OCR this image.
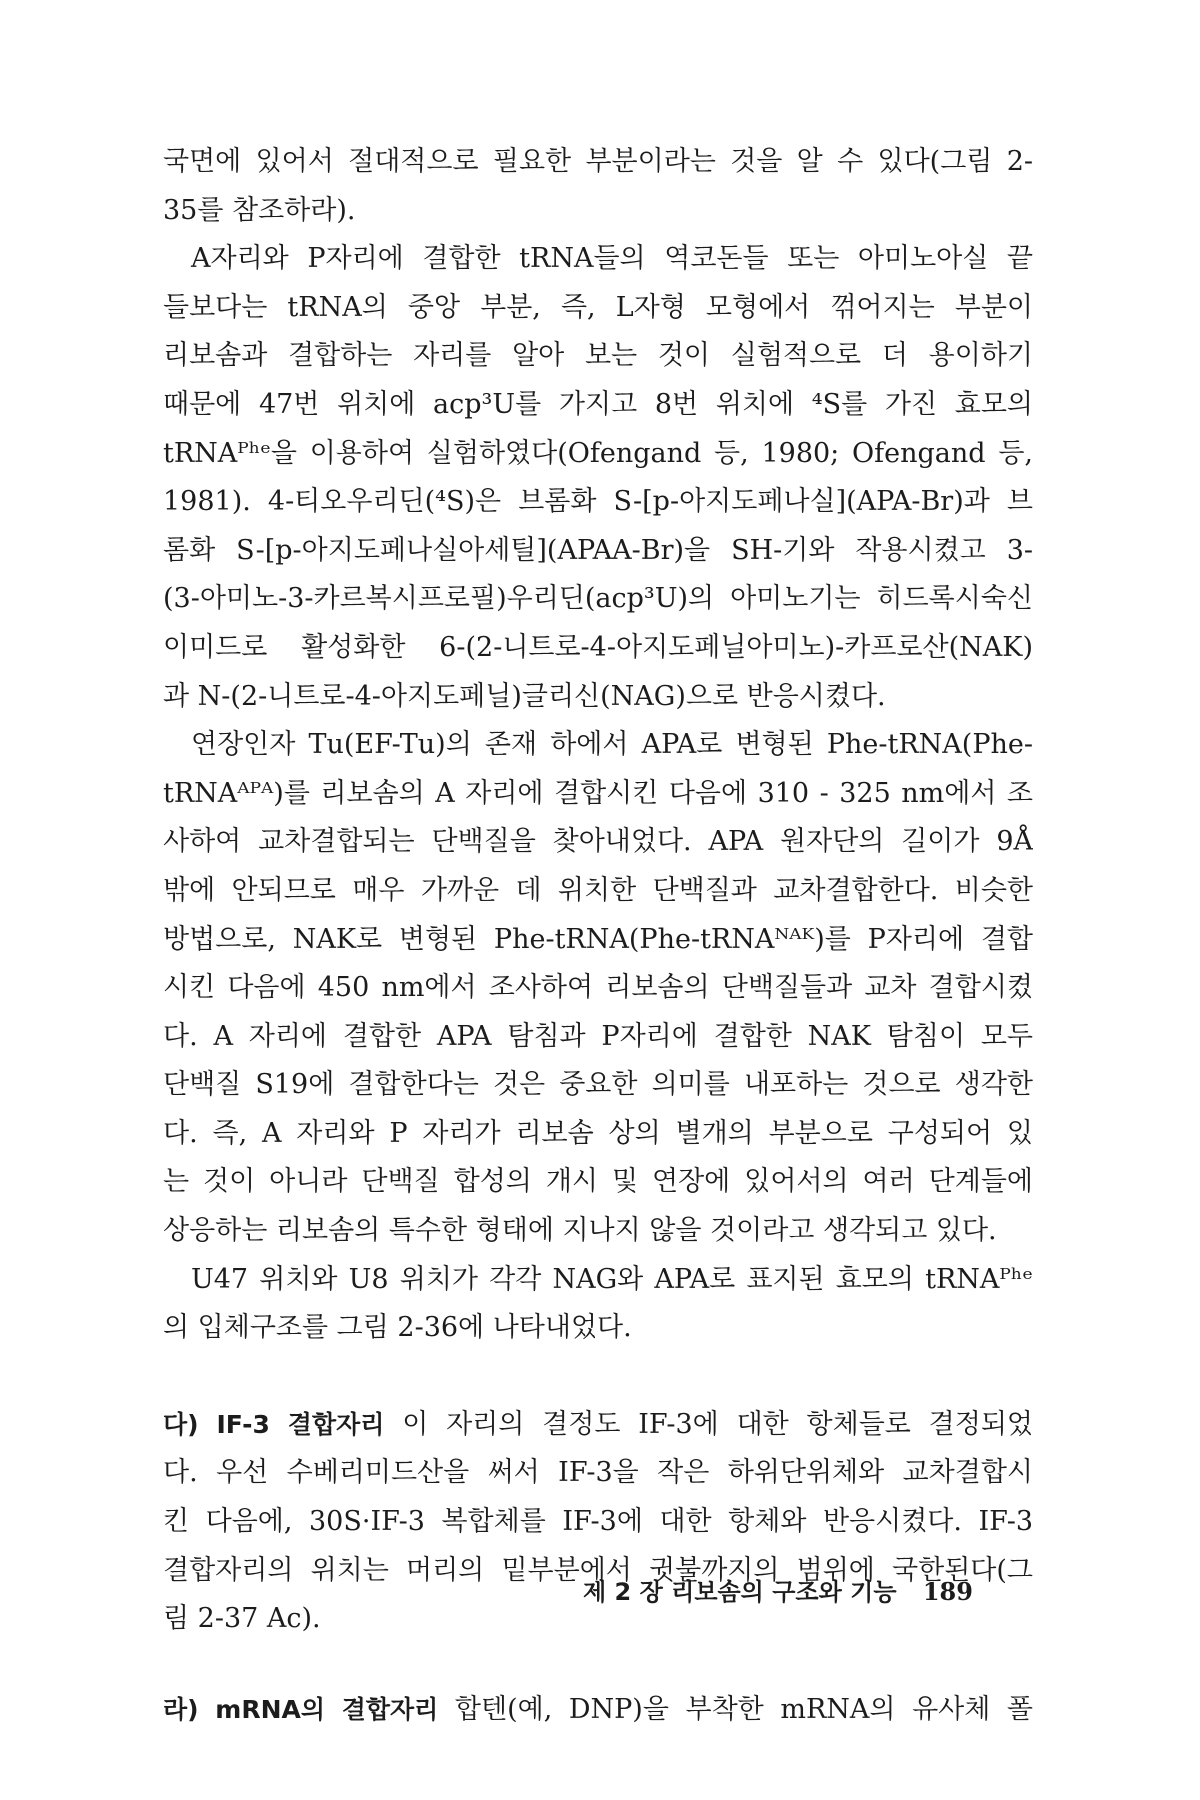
국면에 있어서 절대적으로 필요한 부분이라는 것을 알 수 있다(그림 2-
35를 참조하라).
A자리와 P자리에 결합한 tRNA들의 역코돈들 또는 아미노아실 끝
들보다는 tRNA의 중앙 부분, 즉, L자형 모형에서 꺾어지는 부분이
리보솜과 결합하는 자리를 알아 보는 것이 실험적으로 더 용이하기
때문에 47번 위치에 acp³U를 가지고 8번 위치에 ⁴S를 가진 효모의
tRNAᴾʰᵉ을 이용하여 실험하였다(Ofengand 등, 1980; Ofengand 등,
1981). 4-티오우리딘(⁴S)은 브롬화 S-[p-아지도페나실](APA-Br)과 브
롬화 S-[p-아지도페나실아세틸](APAA-Br)을 SH-기와 작용시켰고 3-
(3-아미노-3-카르복시프로필)우리딘(acp³U)의 아미노기는 히드록시숙신
이미드로 활성화한 6-(2-니트로-4-아지도페닐아미노)-카프로산(NAK)
과 N-(2-니트로-4-아지도페닐)글리신(NAG)으로 반응시켰다.
연장인자 Tu(EF-Tu)의 존재 하에서 APA로 변형된 Phe-tRNA(Phe-
tRNAᴬᴾᴬ)를 리보솜의 A 자리에 결합시킨 다음에 310 - 325 nm에서 조
사하여 교차결합되는 단백질을 찾아내었다. APA 원자단의 길이가 9Å
밖에 안되므로 매우 가까운 데 위치한 단백질과 교차결합한다. 비슷한
방법으로, NAK로 변형된 Phe-tRNA(Phe-tRNAᴺᴬᴷ)를 P자리에 결합
시킨 다음에 450 nm에서 조사하여 리보솜의 단백질들과 교차 결합시켰
다. A 자리에 결합한 APA 탐침과 P자리에 결합한 NAK 탐침이 모두
단백질 S19에 결합한다는 것은 중요한 의미를 내포하는 것으로 생각한
다. 즉, A 자리와 P 자리가 리보솜 상의 별개의 부분으로 구성되어 있
는 것이 아니라 단백질 합성의 개시 및 연장에 있어서의 여러 단계들에
상응하는 리보솜의 특수한 형태에 지나지 않을 것이라고 생각되고 있다.
U47 위치와 U8 위치가 각각 NAG와 APA로 표지된 효모의 tRNAᴾʰᵉ
의 입체구조를 그림 2-36에 나타내었다.
다) IF-3 결합자리 이 자리의 결정도 IF-3에 대한 항체들로 결정되었
다. 우선 수베리미드산을 써서 IF-3을 작은 하위단위체와 교차결합시
킨 다음에, 30S·IF-3 복합체를 IF-3에 대한 항체와 반응시켰다. IF-3
결합자리의 위치는 머리의 밑부분에서 귓불까지의 범위에 국한된다(그
림 2-37 Ac).
라) mRNA의 결합자리 합텐(예, DNP)을 부착한 mRNA의 유사체 폴
제 2 장 리보솜의 구조와 기능 189
